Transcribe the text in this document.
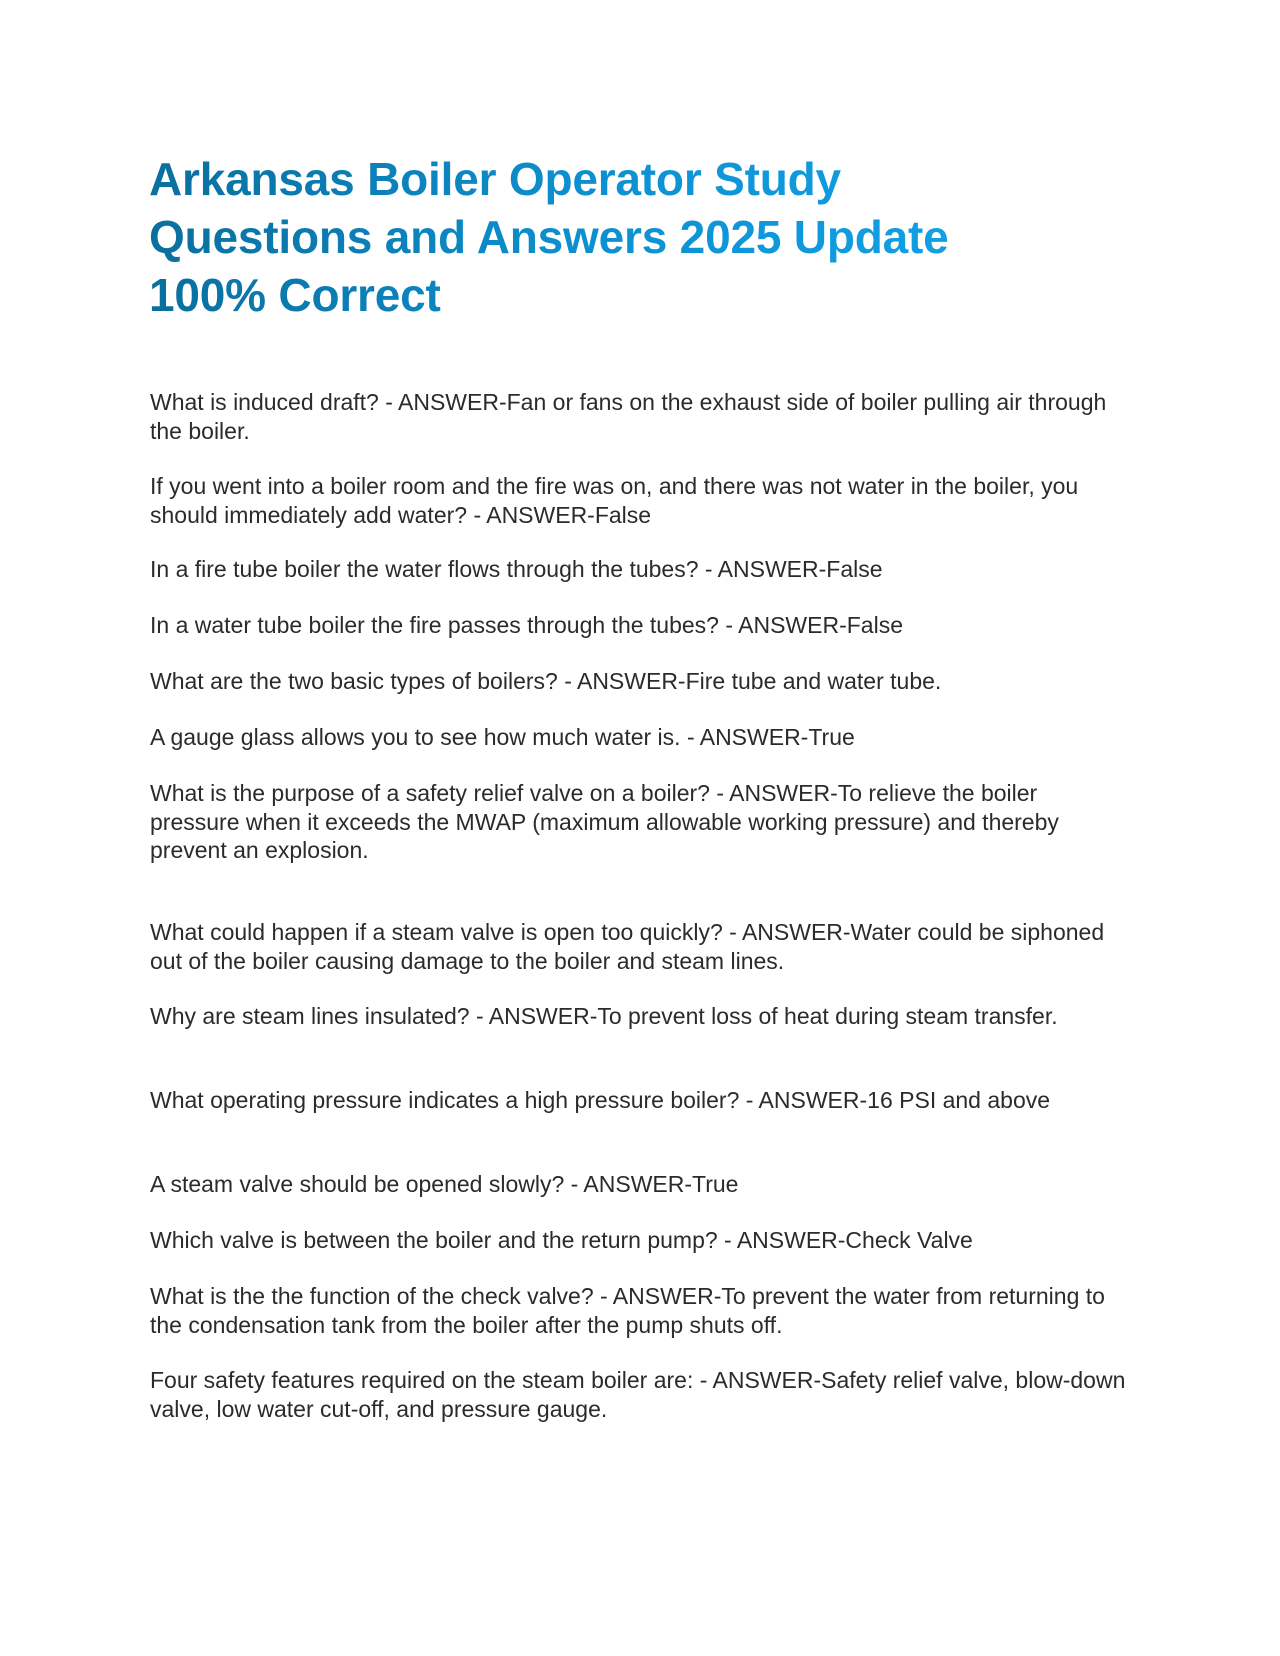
Arkansas Boiler Operator Study
Questions and Answers 2025 Update
100% Correct

What is induced draft? - ANSWER-Fan or fans on the exhaust side of boiler pulling air through the boiler.

If you went into a boiler room and the fire was on, and there was not water in the boiler, you should immediately add water? - ANSWER-False

In a fire tube boiler the water flows through the tubes? - ANSWER-False

In a water tube boiler the fire passes through the tubes? - ANSWER-False

What are the two basic types of boilers? - ANSWER-Fire tube and water tube.

A gauge glass allows you to see how much water is. - ANSWER-True

What is the purpose of a safety relief valve on a boiler? - ANSWER-To relieve the boiler pressure when it exceeds the MWAP (maximum allowable working pressure) and thereby prevent an explosion.

What could happen if a steam valve is open too quickly? - ANSWER-Water could be siphoned out of the boiler causing damage to the boiler and steam lines.

Why are steam lines insulated? - ANSWER-To prevent loss of heat during steam transfer.

What operating pressure indicates a high pressure boiler? - ANSWER-16 PSI and above

A steam valve should be opened slowly? - ANSWER-True

Which valve is between the boiler and the return pump? - ANSWER-Check Valve

What is the the function of the check valve? - ANSWER-To prevent the water from returning to the condensation tank from the boiler after the pump shuts off.

Four safety features required on the steam boiler are: - ANSWER-Safety relief valve, blow-down valve, low water cut-off, and pressure gauge.
